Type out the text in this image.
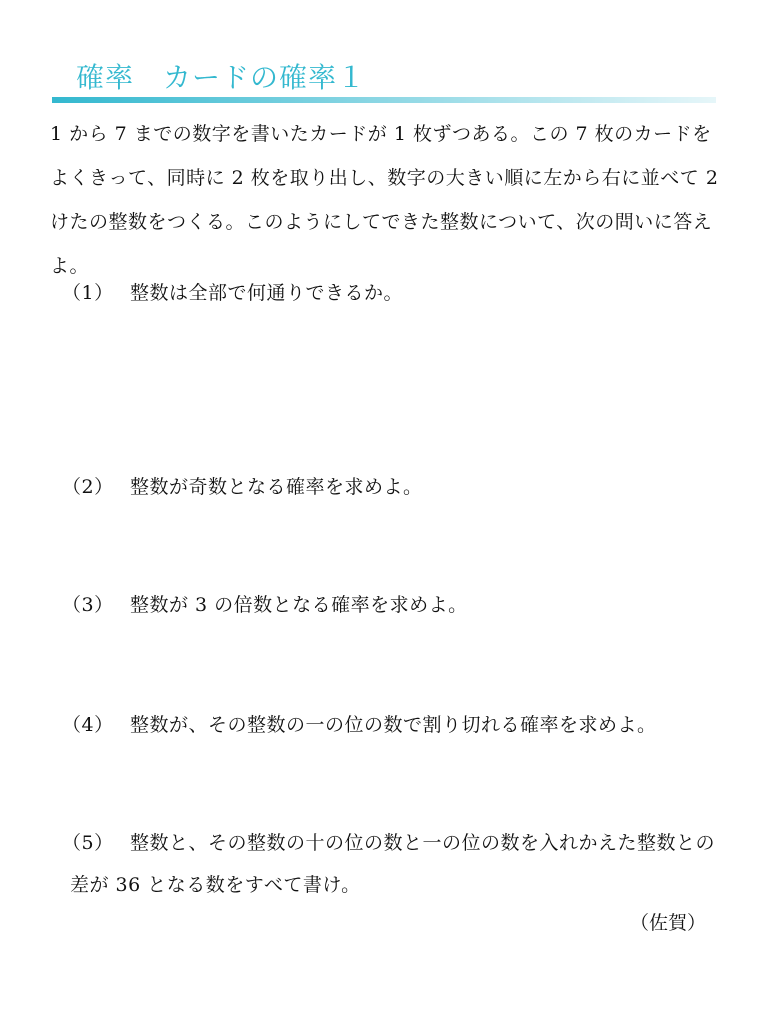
確率　カードの確率１

1 から 7 までの数字を書いたカードが 1 枚ずつある。この 7 枚のカードをよくきって、同時に 2 枚を取り出し、数字の大きい順に左から右に並べて 2 けたの整数をつくる。このようにしてできた整数について、次の問いに答えよ。

（1） 整数は全部で何通りできるか。
（2） 整数が奇数となる確率を求めよ。
（3） 整数が 3 の倍数となる確率を求めよ。
（4） 整数が、その整数の一の位の数で割り切れる確率を求めよ。
（5） 整数と、その整数の十の位の数と一の位の数を入れかえた整数との差が 36 となる数をすべて書け。
（佐賀）
